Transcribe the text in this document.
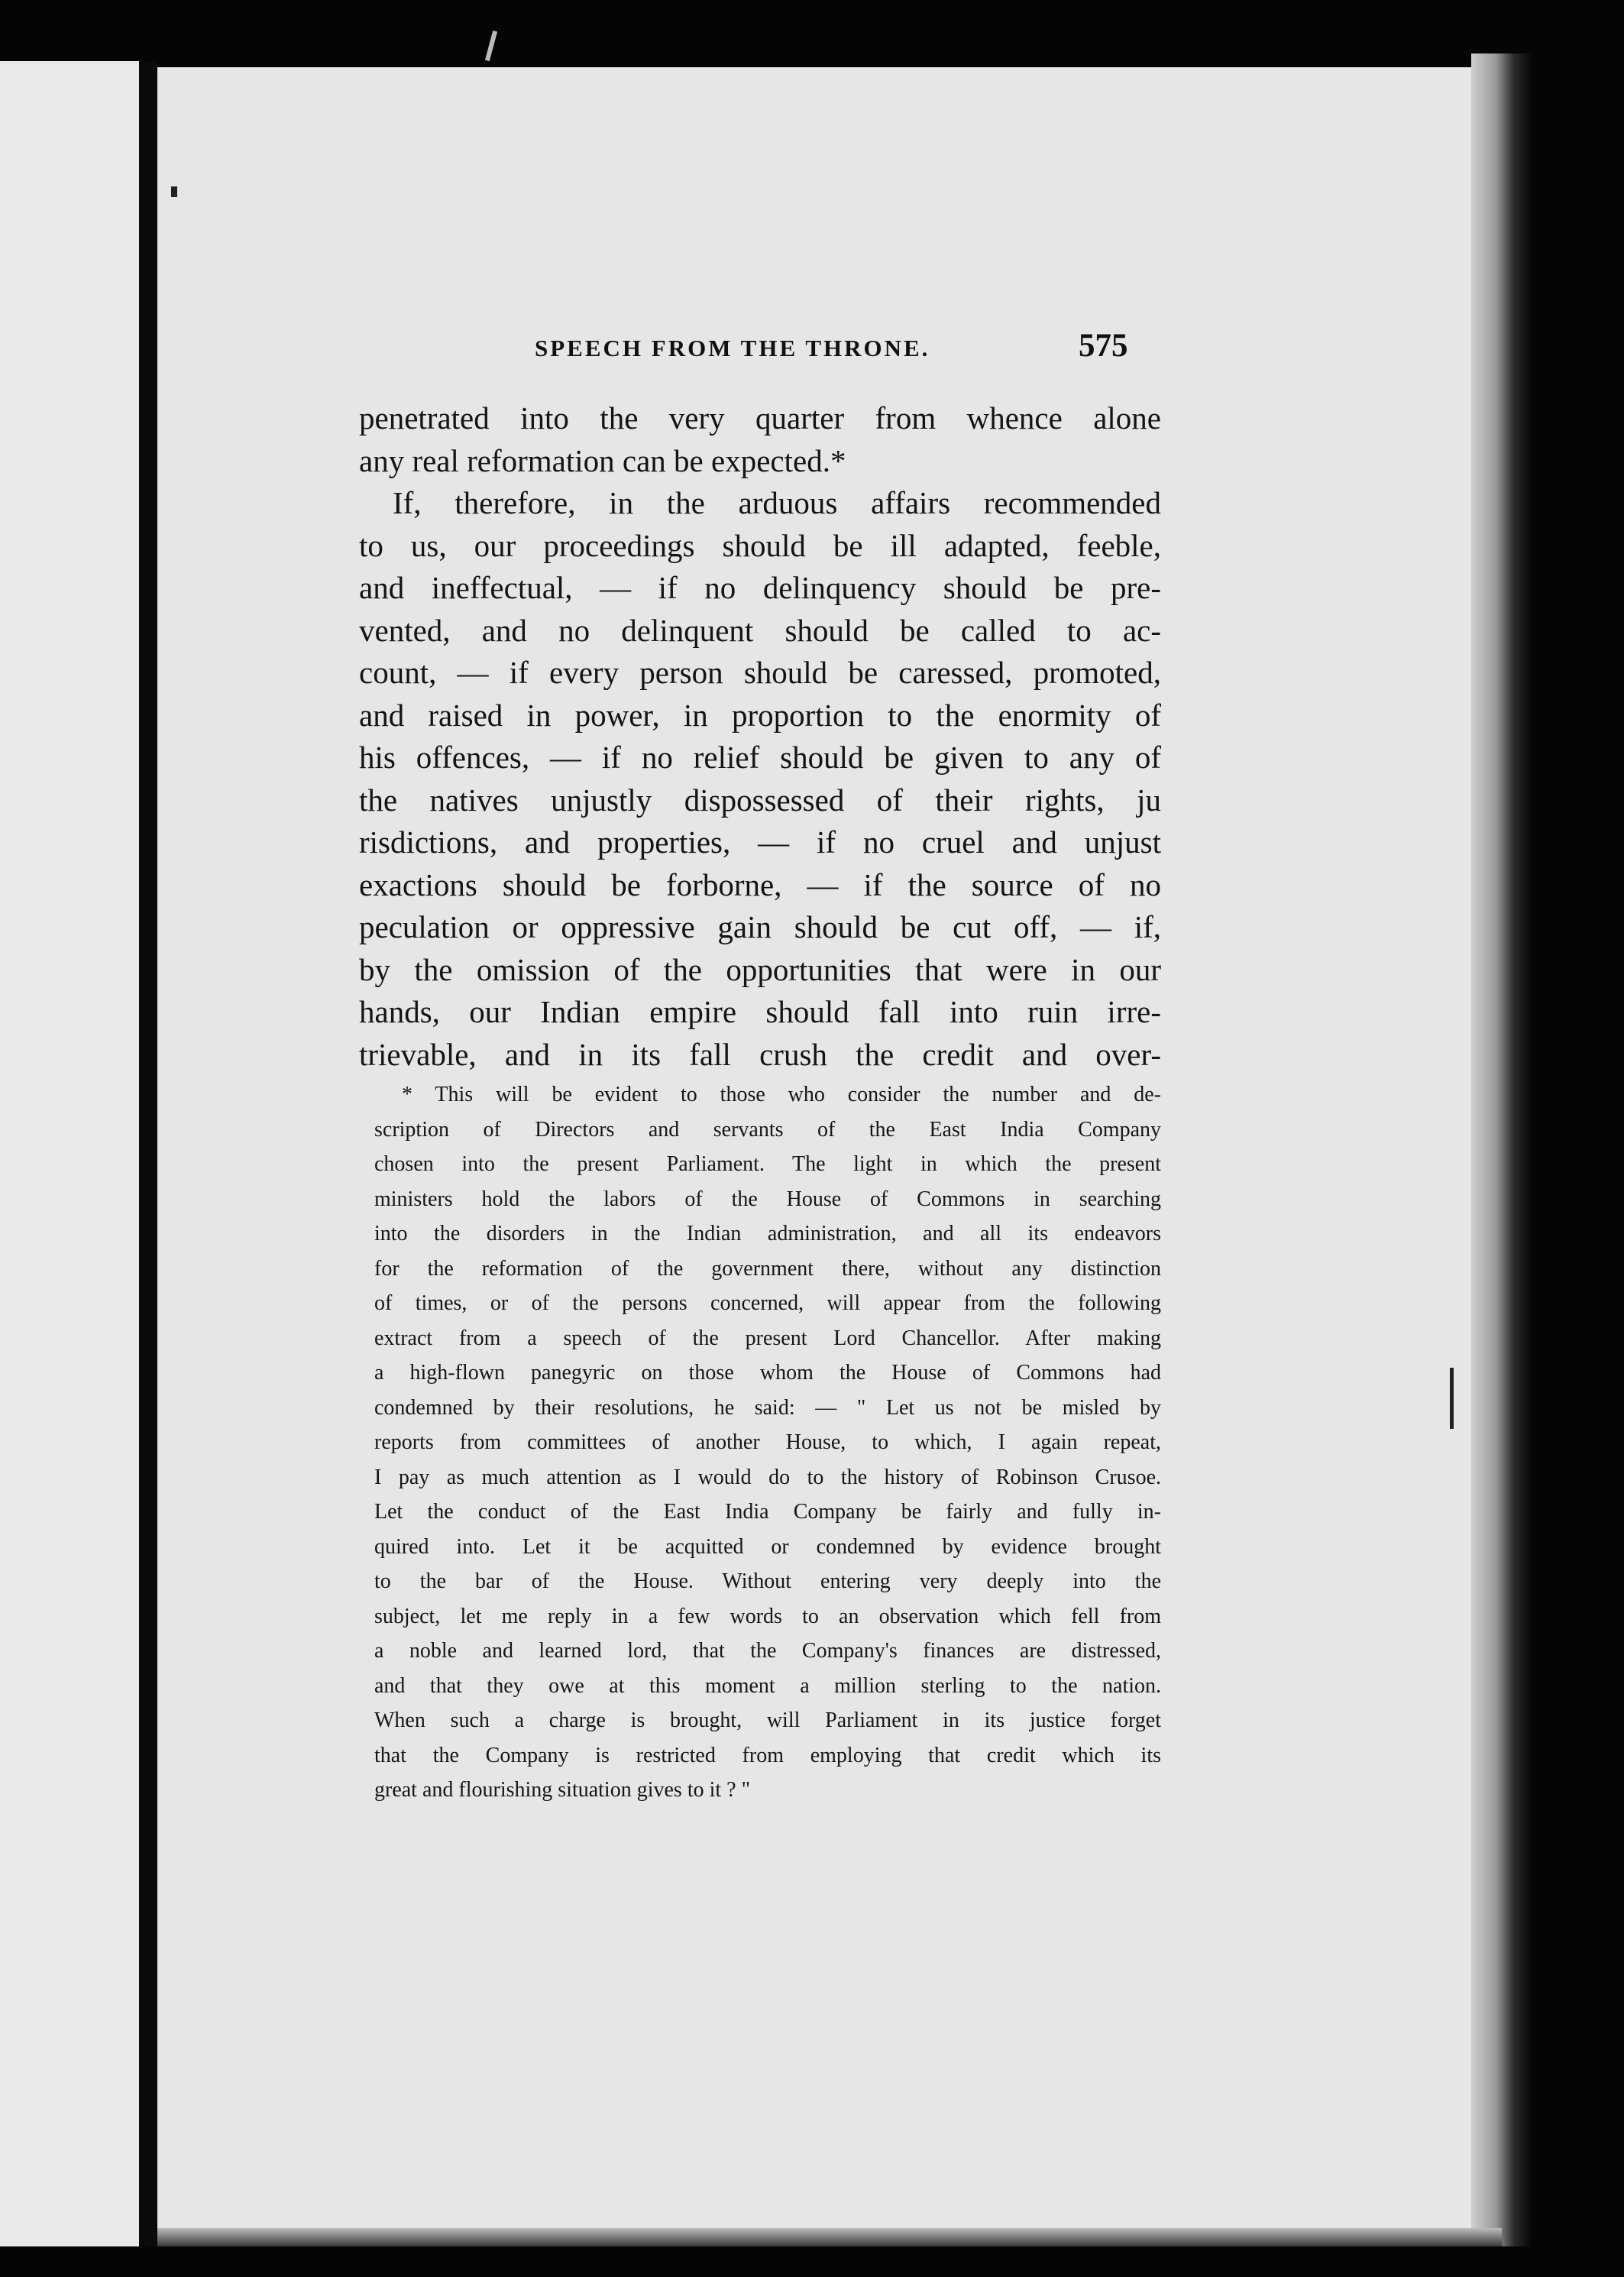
SPEECH FROM THE THRONE.	575
penetrated into the very quarter from whence alone
any real reformation can be expected.*
If, therefore, in the arduous affairs recommended
to us, our proceedings should be ill adapted, feeble,
and ineffectual, — if no delinquency should be pre-
vented, and no delinquent should be called to ac-
count, — if every person should be caressed, promoted,
and raised in power, in proportion to the enormity of
his offences, — if no relief should be given to any of
the natives unjustly dispossessed of their rights, ju
risdictions, and properties, — if no cruel and unjust
exactions should be forborne, — if the source of no
peculation or oppressive gain should be cut off, — if,
by the omission of the opportunities that were in our
hands, our Indian empire should fall into ruin irre-
trievable, and in its fall crush the credit and over-
* This will be evident to those who consider the number and de-
scription of Directors and servants of the East India Company
chosen into the present Parliament. The light in which the present
ministers hold the labors of the House of Commons in searching
into the disorders in the Indian administration, and all its endeavors
for the reformation of the government there, without any distinction
of times, or of the persons concerned, will appear from the following
extract from a speech of the present Lord Chancellor. After making
a high-flown panegyric on those whom the House of Commons had
condemned by their resolutions, he said: — " Let us not be misled by
reports from committees of another House, to which, I again repeat,
I pay as much attention as I would do to the history of Robinson Crusoe.
Let the conduct of the East India Company be fairly and fully in-
quired into. Let it be acquitted or condemned by evidence brought
to the bar of the House. Without entering very deeply into the
subject, let me reply in a few words to an observation which fell from
a noble and learned lord, that the Company's finances are distressed,
and that they owe at this moment a million sterling to the nation.
When such a charge is brought, will Parliament in its justice forget
that the Company is restricted from employing that credit which its
great and flourishing situation gives to it ? "
